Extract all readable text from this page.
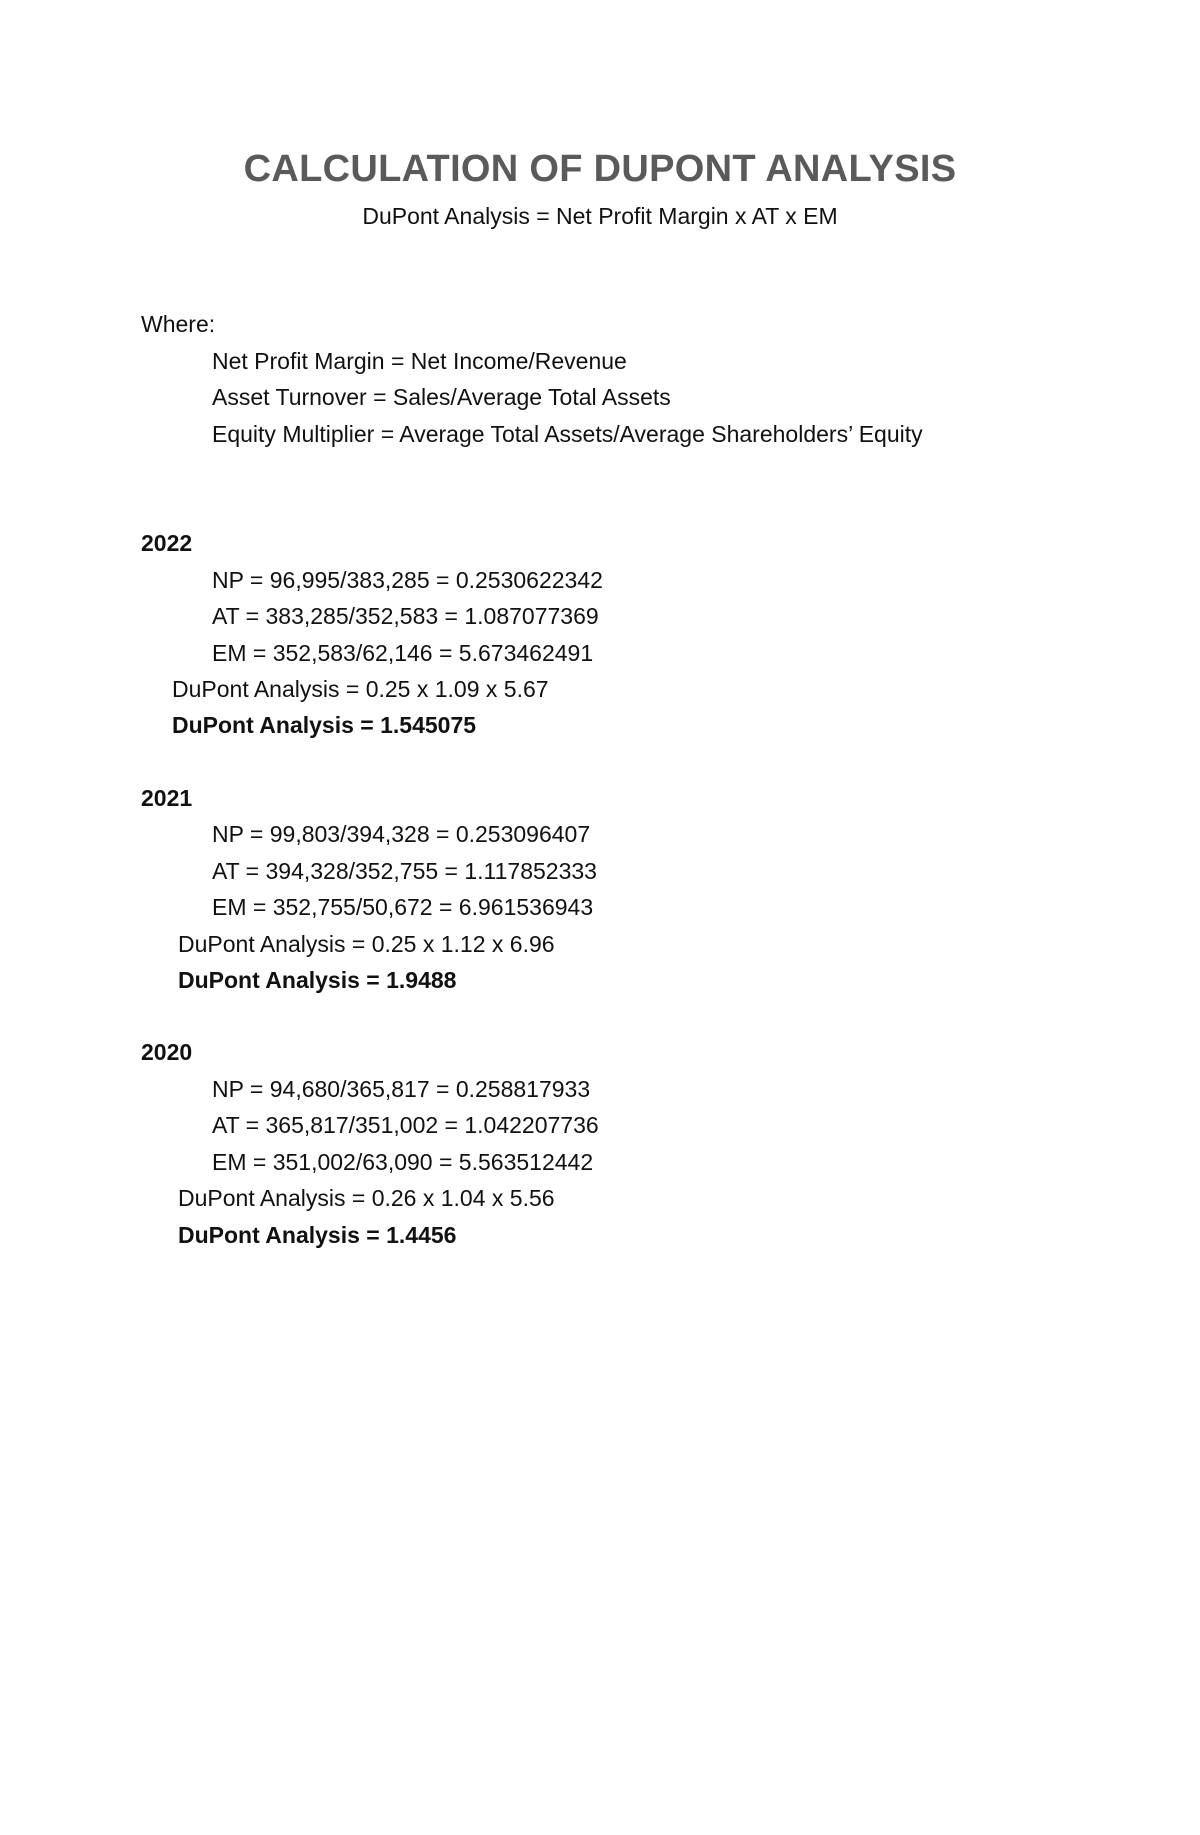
CALCULATION OF DUPONT ANALYSIS

DuPont Analysis = Net Profit Margin x AT x EM

Where:

Net Profit Margin = Net Income/Revenue

Asset Turnover = Sales/Average Total Assets

Equity Multiplier = Average Total Assets/Average Shareholders’ Equity

2022

NP = 96,995/383,285 = 0.2530622342

AT = 383,285/352,583 = 1.087077369

EM = 352,583/62,146 = 5.673462491

DuPont Analysis = 0.25 x 1.09 x 5.67

DuPont Analysis = 1.545075

2021

NP = 99,803/394,328 = 0.253096407

AT = 394,328/352,755 = 1.117852333

EM = 352,755/50,672 = 6.961536943

DuPont Analysis = 0.25 x 1.12 x 6.96

DuPont Analysis = 1.9488

2020

NP = 94,680/365,817 = 0.258817933

AT = 365,817/351,002 = 1.042207736

EM = 351,002/63,090 = 5.563512442

DuPont Analysis = 0.26 x 1.04 x 5.56

DuPont Analysis = 1.4456
